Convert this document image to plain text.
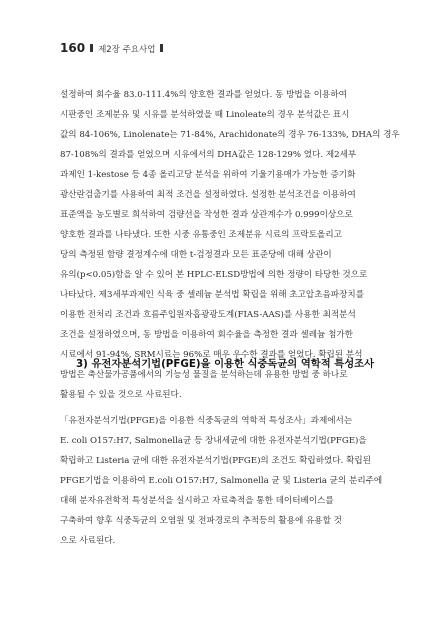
160 제2장 주요사업

설정하여 회수율 83.0-111.4%의 양호한 결과를 얻었다. 동 방법을 이용하여
시판중인 조제분유 및 시유를 분석하였을 때 Linoleate의 경우 분석값은 표시
값의 84-106%, Linolenate는 71-84%, Arachidonate의 경우 76-133%, DHA의 경우
87-108%의 결과를 얻었으며 시유에서의 DHA값은 128-129% 였다. 제2세부
과제인 1-kestose 등 4종 올리고당 분석을 위하여 기울기용매가 가능한 증기화
광산란검출기를 사용하여 최적 조건을 설정하였다. 설정한 분석조건을 이용하여
표준액을 농도별로 희석하여 검량선을 작성한 결과 상관계수가 0.999이상으로
양호한 결과를 나타냈다. 또한 시중 유통중인 조제분유 시료의 프락토올리고
당의 측정된 함량 결정계수에 대한 t-검정결과 모든 표준당에 대해 상관이
유의(p<0.05)함을 알 수 있어 본 HPLC-ELSD방법에 의한 정량이 타당한 것으로
나타났다. 제3세부과제인 식육 중 셀레늄 분석법 확립을 위해 초고압초음파장치를
이용한 전처리 조건과 흐름주입원자흡광광도계(FIAS-AAS)를 사용한 최적분석
조건을 설정하였으며, 동 방법을 이용하여 회수율을 측정한 결과 셀레늄 첨가한
시료에서 91-94%, SRM시료는 96%로 매우 우수한 결과를 얻었다. 확립된 분석
방법은 축산물가공품에서의 기능성 물질을 분석하는데 유용한 방법 중 하나로
활용될 수 있을 것으로 사료된다.

3) 유전자분석기법(PFGE)을 이용한 식중독균의 역학적 특성조사

「유전자분석기법(PFGE)을 이용한 식중독균의 역학적 특성조사」과제에서는
E. coli O157:H7, Salmonella균 등 장내세균에 대한 유전자분석기법(PFGE)을
확립하고 Listeria 균에 대한 유전자분석기법(PFGE)의 조건도 확립하였다. 확립된
PFGE기법을 이용하여 E.coli O157:H7, Salmonella 균 및 Listeria 균의 분리주에
대해 분자유전학적 특성분석을 실시하고 자료축적을 통한 데이터베이스를
구축하여 향후 식중독균의 오염원 및 전파경로의 추적등의 활용에 유용할 것
으로 사료된다.
